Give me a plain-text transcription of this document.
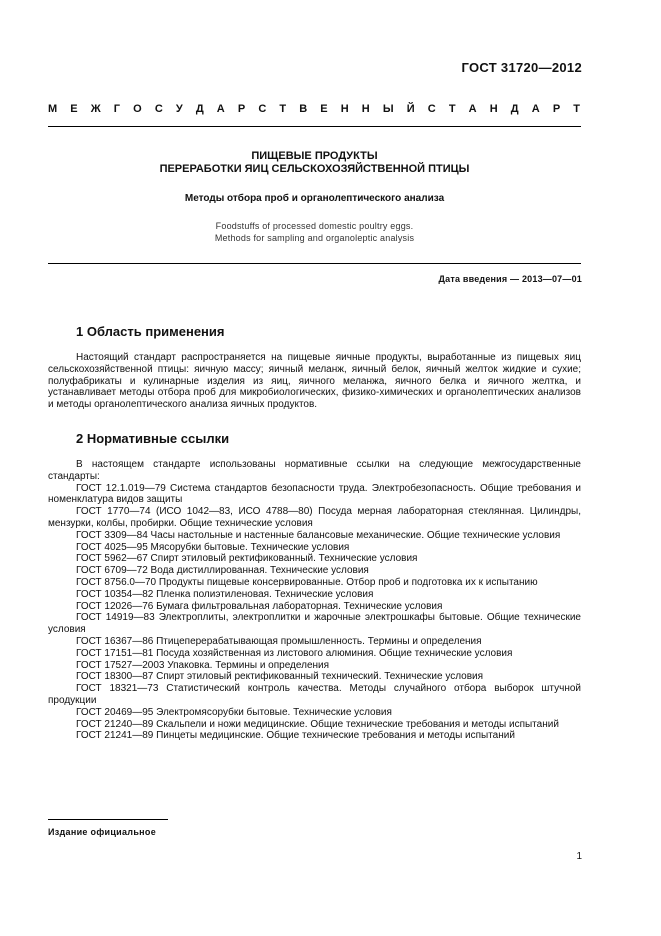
ГОСТ 31720—2012
М Е Ж Г О С У Д А Р С Т В Е Н Н Ы Й С Т А Н Д А Р Т
ПИЩЕВЫЕ ПРОДУКТЫ
ПЕРЕРАБОТКИ ЯИЦ СЕЛЬСКОХОЗЯЙСТВЕННОЙ ПТИЦЫ
Методы отбора проб и органолептического анализа
Foodstuffs of processed domestic poultry eggs.
Methods for sampling and organoleptic analysis
Дата введения — 2013—07—01
1 Область применения
Настоящий стандарт распространяется на пищевые яичные продукты, выработанные из пищевых яиц сельскохозяйственной птицы: яичную массу; яичный меланж, яичный белок, яичный желток жидкие и сухие; полуфабрикаты и кулинарные изделия из яиц, яичного меланжа, яичного белка и яичного желтка, и устанавливает методы отбора проб для микробиологических, физико-химических и органолептических анализов и методы органолептического анализа яичных продуктов.
2 Нормативные ссылки

В настоящем стандарте использованы нормативные ссылки на следующие межгосударственные стандарты:

ГОСТ 12.1.019—79 Система стандартов безопасности труда. Электробезопасность. Общие требования и номенклатура видов защиты

ГОСТ 1770—74 (ИСО 1042—83, ИСО 4788—80) Посуда мерная лабораторная стеклянная. Цилиндры, мензурки, колбы, пробирки. Общие технические условия

ГОСТ 3309—84 Часы настольные и настенные балансовые механические. Общие технические условия

ГОСТ 4025—95 Мясорубки бытовые. Технические условия

ГОСТ 5962—67 Спирт этиловый ректификованный. Технические условия

ГОСТ 6709—72 Вода дистиллированная. Технические условия

ГОСТ 8756.0—70 Продукты пищевые консервированные. Отбор проб и подготовка их к испытанию

ГОСТ 10354—82 Пленка полиэтиленовая. Технические условия

ГОСТ 12026—76 Бумага фильтровальная лабораторная. Технические условия

ГОСТ 14919—83 Электроплиты, электроплитки и жарочные электрошкафы бытовые. Общие технические условия

ГОСТ 16367—86 Птицеперерабатывающая промышленность. Термины и определения

ГОСТ 17151—81 Посуда хозяйственная из листового алюминия. Общие технические условия

ГОСТ 17527—2003 Упаковка. Термины и определения

ГОСТ 18300—87 Спирт этиловый ректификованный технический. Технические условия

ГОСТ 18321—73 Статистический контроль качества. Методы случайного отбора выборок штучной продукции

ГОСТ 20469—95 Электромясорубки бытовые. Технические условия

ГОСТ 21240—89 Скальпели и ножи медицинские. Общие технические требования и методы испытаний

ГОСТ 21241—89 Пинцеты медицинские. Общие технические требования и методы испытаний

Издание официальное
1
